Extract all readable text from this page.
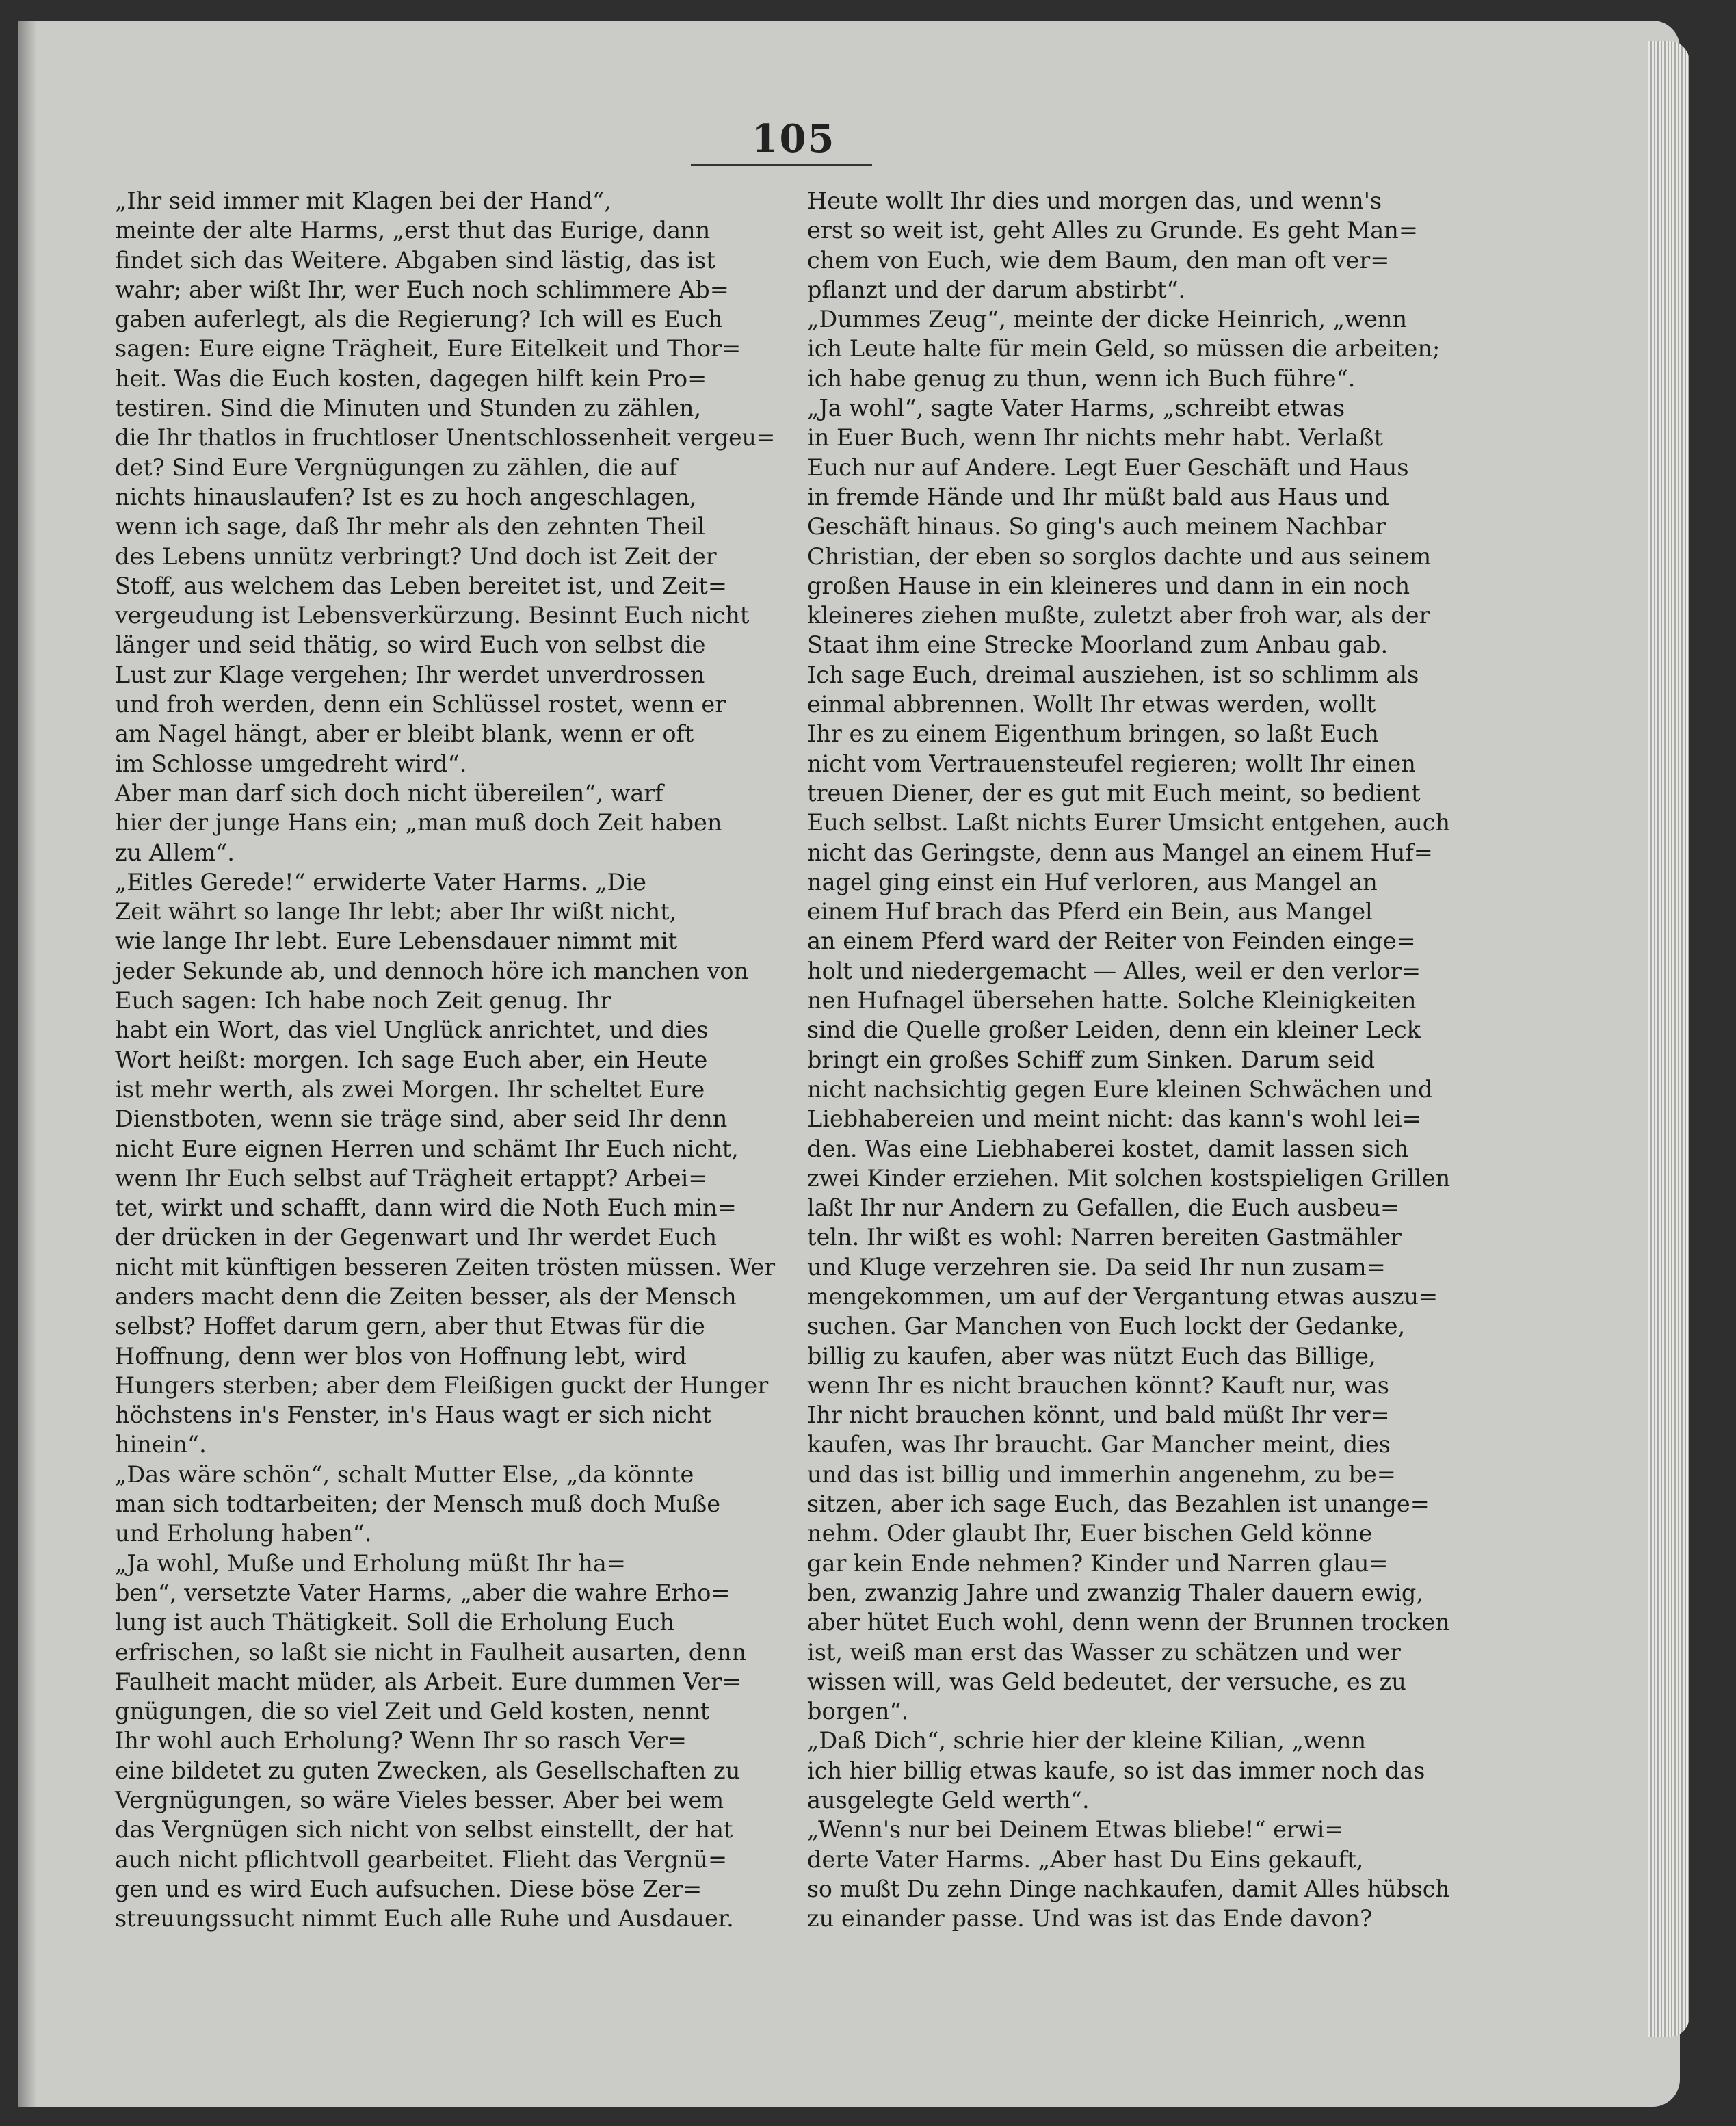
105
„Ihr seid immer mit Klagen bei der Hand“,
meinte der alte Harms, „erst thut das Eurige, dann
findet sich das Weitere. Abgaben sind lästig, das ist
wahr; aber wißt Ihr, wer Euch noch schlimmere Ab=
gaben auferlegt, als die Regierung? Ich will es Euch
sagen: Eure eigne Trägheit, Eure Eitelkeit und Thor=
heit. Was die Euch kosten, dagegen hilft kein Pro=
testiren. Sind die Minuten und Stunden zu zählen,
die Ihr thatlos in fruchtloser Unentschlossenheit vergeu=
det? Sind Eure Vergnügungen zu zählen, die auf
nichts hinauslaufen? Ist es zu hoch angeschlagen,
wenn ich sage, daß Ihr mehr als den zehnten Theil
des Lebens unnütz verbringt? Und doch ist Zeit der
Stoff, aus welchem das Leben bereitet ist, und Zeit=
vergeudung ist Lebensverkürzung. Besinnt Euch nicht
länger und seid thätig, so wird Euch von selbst die
Lust zur Klage vergehen; Ihr werdet unverdrossen
und froh werden, denn ein Schlüssel rostet, wenn er
am Nagel hängt, aber er bleibt blank, wenn er oft
im Schlosse umgedreht wird“.
Aber man darf sich doch nicht übereilen“, warf
hier der junge Hans ein; „man muß doch Zeit haben
zu Allem“.
„Eitles Gerede!“ erwiderte Vater Harms. „Die
Zeit währt so lange Ihr lebt; aber Ihr wißt nicht,
wie lange Ihr lebt. Eure Lebensdauer nimmt mit
jeder Sekunde ab, und dennoch höre ich manchen von
Euch sagen: Ich habe noch Zeit genug. Ihr
habt ein Wort, das viel Unglück anrichtet, und dies
Wort heißt: morgen. Ich sage Euch aber, ein Heute
ist mehr werth, als zwei Morgen. Ihr scheltet Eure
Dienstboten, wenn sie träge sind, aber seid Ihr denn
nicht Eure eignen Herren und schämt Ihr Euch nicht,
wenn Ihr Euch selbst auf Trägheit ertappt? Arbei=
tet, wirkt und schafft, dann wird die Noth Euch min=
der drücken in der Gegenwart und Ihr werdet Euch
nicht mit künftigen besseren Zeiten trösten müssen. Wer
anders macht denn die Zeiten besser, als der Mensch
selbst? Hoffet darum gern, aber thut Etwas für die
Hoffnung, denn wer blos von Hoffnung lebt, wird
Hungers sterben; aber dem Fleißigen guckt der Hunger
höchstens in's Fenster, in's Haus wagt er sich nicht
hinein“.
„Das wäre schön“, schalt Mutter Else, „da könnte
man sich todtarbeiten; der Mensch muß doch Muße
und Erholung haben“.
„Ja wohl, Muße und Erholung müßt Ihr ha=
ben“, versetzte Vater Harms, „aber die wahre Erho=
lung ist auch Thätigkeit. Soll die Erholung Euch
erfrischen, so laßt sie nicht in Faulheit ausarten, denn
Faulheit macht müder, als Arbeit. Eure dummen Ver=
gnügungen, die so viel Zeit und Geld kosten, nennt
Ihr wohl auch Erholung? Wenn Ihr so rasch Ver=
eine bildetet zu guten Zwecken, als Gesellschaften zu
Vergnügungen, so wäre Vieles besser. Aber bei wem
das Vergnügen sich nicht von selbst einstellt, der hat
auch nicht pflichtvoll gearbeitet. Flieht das Vergnü=
gen und es wird Euch aufsuchen. Diese böse Zer=
streuungssucht nimmt Euch alle Ruhe und Ausdauer.
Heute wollt Ihr dies und morgen das, und wenn's
erst so weit ist, geht Alles zu Grunde. Es geht Man=
chem von Euch, wie dem Baum, den man oft ver=
pflanzt und der darum abstirbt“.
„Dummes Zeug“, meinte der dicke Heinrich, „wenn
ich Leute halte für mein Geld, so müssen die arbeiten;
ich habe genug zu thun, wenn ich Buch führe“.
„Ja wohl“, sagte Vater Harms, „schreibt etwas
in Euer Buch, wenn Ihr nichts mehr habt. Verlaßt
Euch nur auf Andere. Legt Euer Geschäft und Haus
in fremde Hände und Ihr müßt bald aus Haus und
Geschäft hinaus. So ging's auch meinem Nachbar
Christian, der eben so sorglos dachte und aus seinem
großen Hause in ein kleineres und dann in ein noch
kleineres ziehen mußte, zuletzt aber froh war, als der
Staat ihm eine Strecke Moorland zum Anbau gab.
Ich sage Euch, dreimal ausziehen, ist so schlimm als
einmal abbrennen. Wollt Ihr etwas werden, wollt
Ihr es zu einem Eigenthum bringen, so laßt Euch
nicht vom Vertrauensteufel regieren; wollt Ihr einen
treuen Diener, der es gut mit Euch meint, so bedient
Euch selbst. Laßt nichts Eurer Umsicht entgehen, auch
nicht das Geringste, denn aus Mangel an einem Huf=
nagel ging einst ein Huf verloren, aus Mangel an
einem Huf brach das Pferd ein Bein, aus Mangel
an einem Pferd ward der Reiter von Feinden einge=
holt und niedergemacht — Alles, weil er den verlor=
nen Hufnagel übersehen hatte. Solche Kleinigkeiten
sind die Quelle großer Leiden, denn ein kleiner Leck
bringt ein großes Schiff zum Sinken. Darum seid
nicht nachsichtig gegen Eure kleinen Schwächen und
Liebhabereien und meint nicht: das kann's wohl lei=
den. Was eine Liebhaberei kostet, damit lassen sich
zwei Kinder erziehen. Mit solchen kostspieligen Grillen
laßt Ihr nur Andern zu Gefallen, die Euch ausbeu=
teln. Ihr wißt es wohl: Narren bereiten Gastmähler
und Kluge verzehren sie. Da seid Ihr nun zusam=
mengekommen, um auf der Vergantung etwas auszu=
suchen. Gar Manchen von Euch lockt der Gedanke,
billig zu kaufen, aber was nützt Euch das Billige,
wenn Ihr es nicht brauchen könnt? Kauft nur, was
Ihr nicht brauchen könnt, und bald müßt Ihr ver=
kaufen, was Ihr braucht. Gar Mancher meint, dies
und das ist billig und immerhin angenehm, zu be=
sitzen, aber ich sage Euch, das Bezahlen ist unange=
nehm. Oder glaubt Ihr, Euer bischen Geld könne
gar kein Ende nehmen? Kinder und Narren glau=
ben, zwanzig Jahre und zwanzig Thaler dauern ewig,
aber hütet Euch wohl, denn wenn der Brunnen trocken
ist, weiß man erst das Wasser zu schätzen und wer
wissen will, was Geld bedeutet, der versuche, es zu
borgen“.
„Daß Dich“, schrie hier der kleine Kilian, „wenn
ich hier billig etwas kaufe, so ist das immer noch das
ausgelegte Geld werth“.
„Wenn's nur bei Deinem Etwas bliebe!“ erwi=
derte Vater Harms. „Aber hast Du Eins gekauft,
so mußt Du zehn Dinge nachkaufen, damit Alles hübsch
zu einander passe. Und was ist das Ende davon?
